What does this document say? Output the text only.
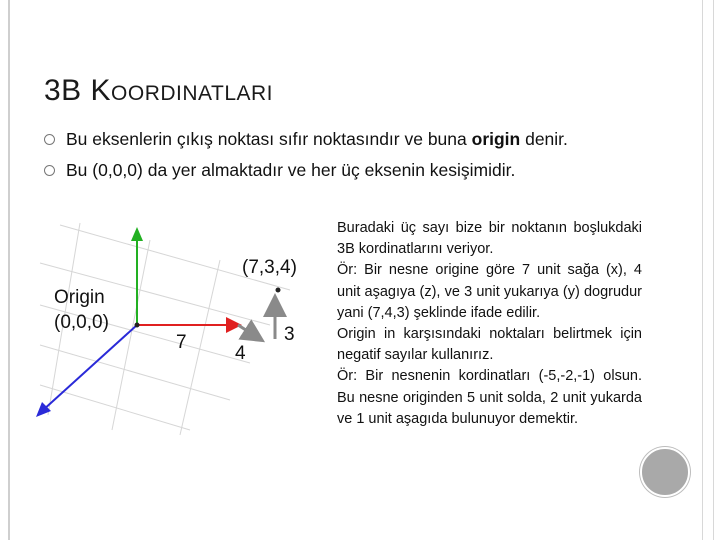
3B KOORDINATLARI
Bu eksenlerin çıkış noktası sıfır noktasındır ve buna origin denir.
Bu (0,0,0) da yer almaktadır ve her üç eksenin kesişimidir.
Origin
(0,0,0)
(7,3,4)
7
4
3

Buradaki üç sayı bize bir noktanın boşlukdaki 3B kordinatlarını veriyor.

Ör: Bir nesne origine göre 7 unit sağa (x), 4 unit aşagıya (z), ve 3 unit yukarıya (y) dogrudur yani (7,4,3) şeklinde ifade edilir.

Origin in karşısındaki noktaları belirtmek için negatif sayılar kullanırız.

Ör: Bir nesnenin kordinatları (-5,-2,-1) olsun. Bu nesne originden 5 unit solda, 2 unit yukarda ve 1 unit aşagıda bulunuyor demektir.
